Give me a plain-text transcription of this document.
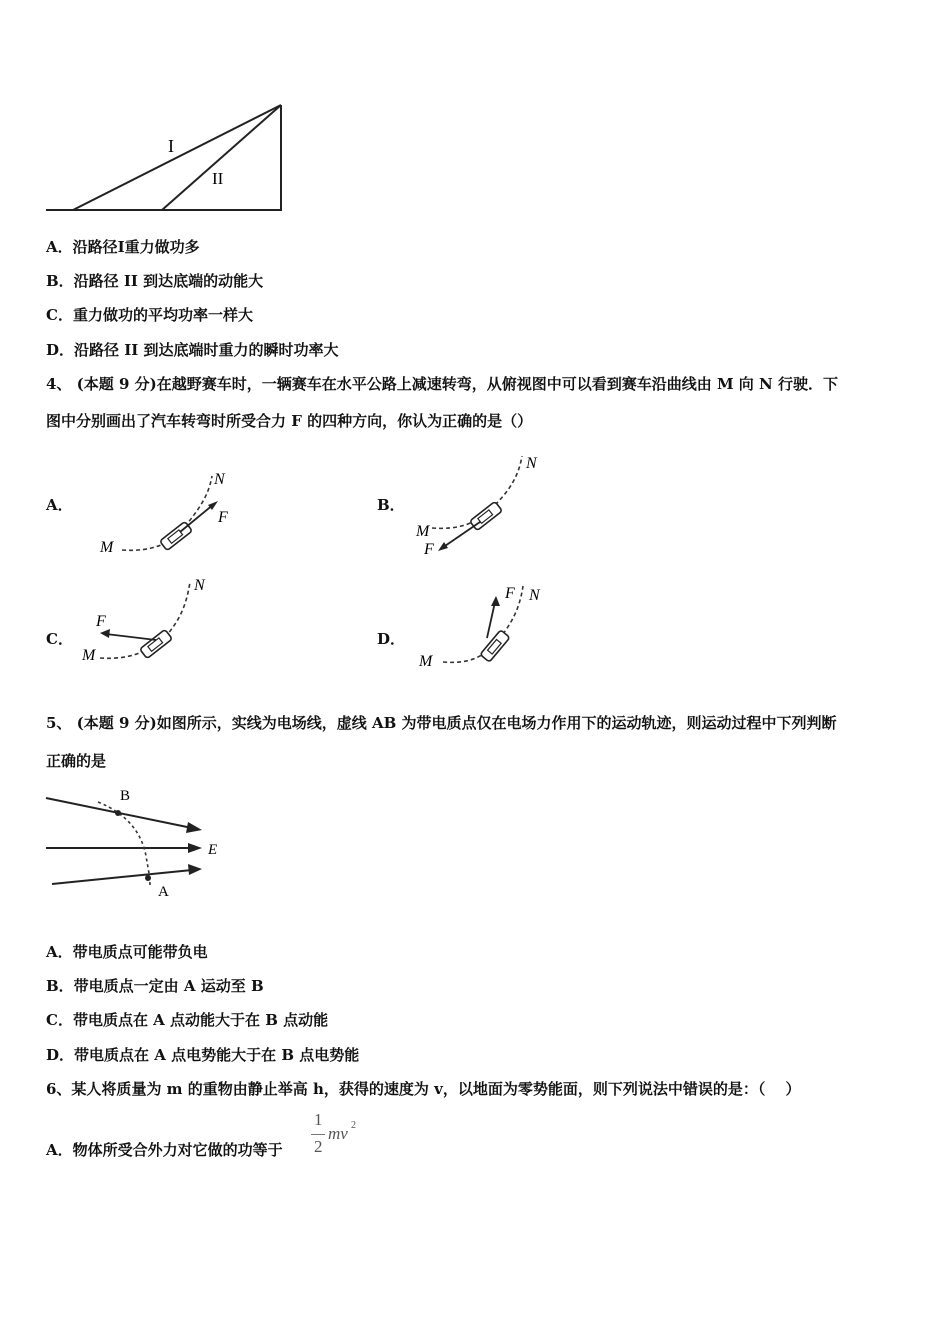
I
II
A．沿路径Ⅰ重力做功多
B．沿路径 II 到达底端的动能大
C．重力做功的平均功率一样大
D．沿路径 II 到达底端时重力的瞬时功率大
4、 (本题 9 分)在越野赛车时，一辆赛车在水平公路上减速转弯，从俯视图中可以看到赛车沿曲线由 M 向 N 行驶．下
图中分别画出了汽车转弯时所受合力 F 的四种方向，你认为正确的是（）
A．
N
F
M
B．
N
M
F
C．
N
F
M
D．
F N
M
5、 (本题 9 分)如图所示，实线为电场线，虚线 AB 为带电质点仅在电场力作用下的运动轨迹，则运动过程中下列判断
正确的是
B
A
E
A．带电质点可能带负电
B．带电质点一定由 A 运动至 B
C．带电质点在 A 点动能大于在 B 点动能
D．带电质点在 A 点电势能大于在 B 点电势能
6、某人将质量为 m 的重物由静止举高 h，获得的速度为 v，以地面为零势能面，则下列说法中错误的是：（　 ）
A．物体所受合外力对它做的功等于
1
2
mv 2
